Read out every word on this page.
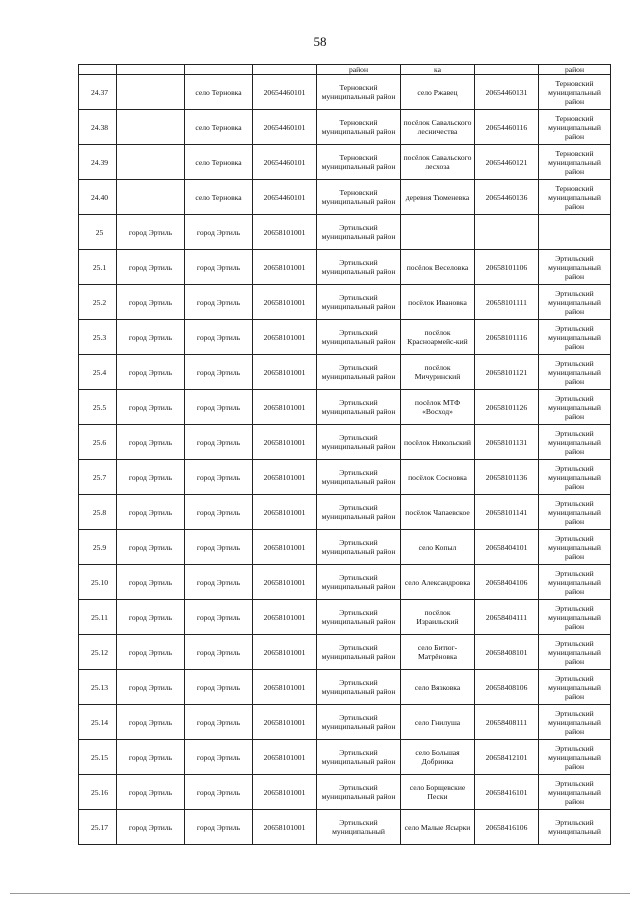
58
				район	ка		район
24.37		село Терновка	20654460101	Терновский муниципальный район	село Ржавец	20654460131	Терновский муниципальный район
24.38		село Терновка	20654460101	Терновский муниципальный район	посёлок Савальского лесничества	20654460116	Терновский муниципальный район
24.39		село Терновка	20654460101	Терновский муниципальный район	посёлок Савальского лесхоза	20654460121	Терновский муниципальный район
24.40		село Терновка	20654460101	Терновский муниципальный район	деревня Тюменевка	20654460136	Терновский муниципальный район
25	город Эртиль	город Эртиль	20658101001	Эртильский муниципальный район			
25.1	город Эртиль	город Эртиль	20658101001	Эртильский муниципальный район	посёлок Веселовка	20658101106	Эртильский муниципальный район
25.2	город Эртиль	город Эртиль	20658101001	Эртильский муниципальный район	посёлок Ивановка	20658101111	Эртильский муниципальный район
25.3	город Эртиль	город Эртиль	20658101001	Эртильский муниципальный район	посёлок Красноармейс-кий	20658101116	Эртильский муниципальный район
25.4	город Эртиль	город Эртиль	20658101001	Эртильский муниципальный район	посёлок Мичуринский	20658101121	Эртильский муниципальный район
25.5	город Эртиль	город Эртиль	20658101001	Эртильский муниципальный район	посёлок МТФ «Восход»	20658101126	Эртильский муниципальный район
25.6	город Эртиль	город Эртиль	20658101001	Эртильский муниципальный район	посёлок Никольский	20658101131	Эртильский муниципальный район
25.7	город Эртиль	город Эртиль	20658101001	Эртильский муниципальный район	посёлок Сосновка	20658101136	Эртильский муниципальный район
25.8	город Эртиль	город Эртиль	20658101001	Эртильский муниципальный район	посёлок Чапаевское	20658101141	Эртильский муниципальный район
25.9	город Эртиль	город Эртиль	20658101001	Эртильский муниципальный район	село Копыл	20658404101	Эртильский муниципальный район
25.10	город Эртиль	город Эртиль	20658101001	Эртильский муниципальный район	село Александровка	20658404106	Эртильский муниципальный район
25.11	город Эртиль	город Эртиль	20658101001	Эртильский муниципальный район	посёлок Израильский	20658404111	Эртильский муниципальный район
25.12	город Эртиль	город Эртиль	20658101001	Эртильский муниципальный район	село Битюг-Матрёновка	20658408101	Эртильский муниципальный район
25.13	город Эртиль	город Эртиль	20658101001	Эртильский муниципальный район	село Вязковка	20658408106	Эртильский муниципальный район
25.14	город Эртиль	город Эртиль	20658101001	Эртильский муниципальный район	село Гнилуша	20658408111	Эртильский муниципальный район
25.15	город Эртиль	город Эртиль	20658101001	Эртильский муниципальный район	село Большая Добринка	20658412101	Эртильский муниципальный район
25.16	город Эртиль	город Эртиль	20658101001	Эртильский муниципальный район	село Борщевские Пески	20658416101	Эртильский муниципальный район
25.17	город Эртиль	город Эртиль	20658101001	Эртильский муниципальный	село Малые Ясырки	20658416106	Эртильский муниципальный
